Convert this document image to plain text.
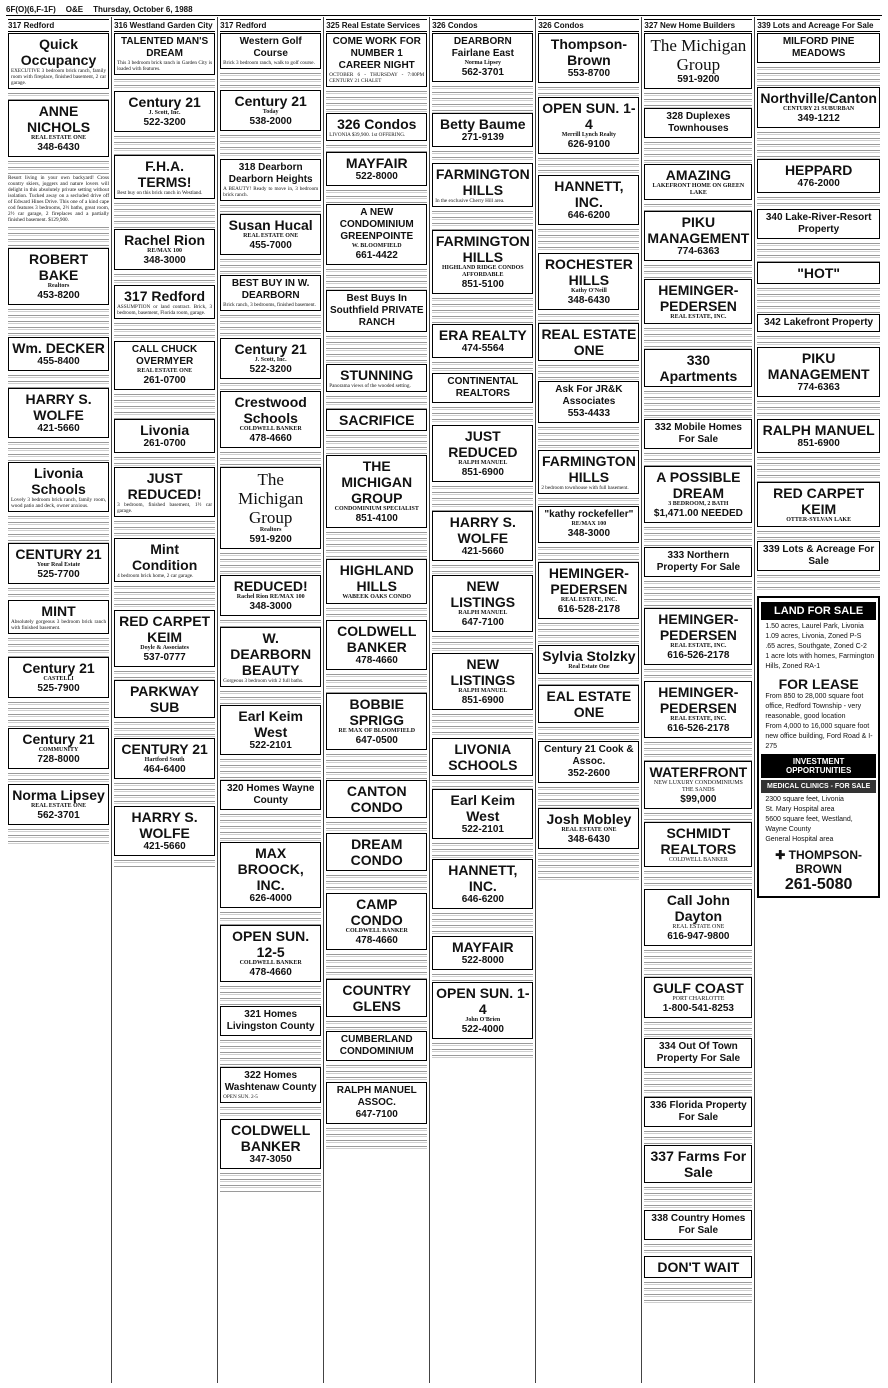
6F(O)(6,F-1F) O&E Thursday, October 6, 1988
317 Redford
Quick Occupancy

EXECUTIVE 3 bedroom brick ranch, family room with fireplace, finished basement, 2 car garage.

ANNE NICHOLS
REAL ESTATE ONE
348-6430

Resort living in your own backyard! Cross country skiers, joggers and nature lovers will delight in this absolutely private setting without isolation. Tucked away on a secluded drive off of Edward Hines Drive. This one of a kind cape cod features 3 bedrooms, 2½ baths, great room, 2½ car garage, 2 fireplaces and a partially finished basement. $129,900.

ROBERT BAKE
Realtors
453-8200
Wm. DECKER
455-8400
HARRY S. WOLFE
421-5660
Livonia Schools

Lovely 3 bedroom brick ranch, family room, wood patio and deck, owner anxious.

CENTURY 21
Your Real Estate
525-7700
MINT

Absolutely gorgeous 3 bedroom brick ranch with finished basement.

Century 21
CASTELLI
525-7900
Century 21
COMMUNITY
728-8000
Norma Lipsey
REAL ESTATE ONE
562-3701
316 Westland Garden City
TALENTED MAN'S DREAM

This 3 bedroom brick ranch in Garden City is loaded with features.

Century 21
J. Scott, Inc.
522-3200
F.H.A. TERMS!

Best buy on this brick ranch in Westland.

Rachel Rion
RE/MAX 100
348-3000
317 Redford

ASSUMPTION or land contract. Brick, 3 bedroom, basement, Florida room, garage.

CALL CHUCK OVERMYER
REAL ESTATE ONE
261-0700
Livonia
261-0700
JUST REDUCED!

3 bedroom, finished basement, 1½ car garage.

Mint Condition

4 bedroom brick home, 2 car garage.

RED CARPET KEIM
Doyle & Associates
537-0777
PARKWAY SUB
CENTURY 21
Hartford South
464-6400
HARRY S. WOLFE
421-5660
317 Redford
Western Golf Course

Brick 3 bedroom ranch, walk to golf course.

Century 21
Today
538-2000
318 Dearborn Dearborn Heights

A BEAUTY! Ready to move in, 3 bedroom brick ranch.

Susan Hucal
REAL ESTATE ONE
455-7000
BEST BUY IN W. DEARBORN

Brick ranch, 3 bedrooms, finished basement.

Century 21
J. Scott, Inc.
522-3200
Crestwood Schools
COLDWELL BANKER
478-4660
The Michigan Group
Realtors
591-9200
REDUCED!
Rachel Rion RE/MAX 100
348-3000
W. DEARBORN BEAUTY

Gorgeous 3 bedroom with 2 full baths.

Earl Keim West
522-2101
320 Homes Wayne County
MAX BROOCK, INC.
626-4000
OPEN SUN. 12-5
COLDWELL BANKER
478-4660
321 Homes Livingston County
322 Homes Washtenaw County

OPEN SUN. 2-5

COLDWELL BANKER
347-3050
325 Real Estate Services
COME WORK FOR NUMBER 1 CAREER NIGHT

OCTOBER 6 - THURSDAY - 7:00PM CENTURY 21 CHALET

326 Condos

LIVONIA $39,900. 1st OFFERING.

MAYFAIR
522-8000
A NEW CONDOMINIUM GREENPOINTE
W. BLOOMFIELD
661-4422
Best Buys In Southfield PRIVATE RANCH
STUNNING

Panorama views of the wooded setting.

SACRIFICE
THE MICHIGAN GROUP
CONDOMINIUM SPECIALIST
851-4100
HIGHLAND HILLS
WABEEK OAKS CONDO
COLDWELL BANKER
478-4660
BOBBIE SPRIGG
RE MAX OF BLOOMFIELD
647-0500
CANTON CONDO
DREAM CONDO
CAMP CONDO
COLDWELL BANKER
478-4660
COUNTRY GLENS
CUMBERLAND CONDOMINIUM
RALPH MANUEL ASSOC.
647-7100
326 Condos
DEARBORN Fairlane East
Norma Lipsey
562-3701
Betty Baume
271-9139
FARMINGTON HILLS

In the exclusive Cherry Hill area.

FARMINGTON HILLS
HIGHLAND RIDGE CONDOS AFFORDABLE
851-5100
ERA REALTY
474-5564
CONTINENTAL REALTORS
JUST REDUCED
RALPH MANUEL
851-6900
HARRY S. WOLFE
421-5660
NEW LISTINGS
RALPH MANUEL
647-7100
NEW LISTINGS
RALPH MANUEL
851-6900
LIVONIA SCHOOLS
Earl Keim West
522-2101
HANNETT, INC.
646-6200
MAYFAIR
522-8000
OPEN SUN. 1-4
John O'Brien
522-4000
326 Condos
Thompson-Brown
553-8700
OPEN SUN. 1-4
Merrill Lynch Realty
626-9100
HANNETT, INC.
646-6200
ROCHESTER HILLS
Kathy O'Neill
348-6430
REAL ESTATE ONE
Ask For JR&K Associates
553-4433
FARMINGTON HILLS

2 bedroom townhouse with full basement.

"kathy rockefeller"
RE/MAX 100
348-3000
HEMINGER-PEDERSEN
REAL ESTATE, INC.
616-528-2178
Sylvia Stolzky
Real Estate One
EAL ESTATE ONE
Century 21 Cook & Assoc.
352-2600
Josh Mobley
REAL ESTATE ONE
348-6430
327 New Home Builders
The Michigan Group
591-9200
328 Duplexes Townhouses
AMAZING
LAKEFRONT HOME ON GREEN LAKE
PIKU MANAGEMENT
774-6363
HEMINGER-PEDERSEN
REAL ESTATE, INC.
330 Apartments
332 Mobile Homes For Sale
A POSSIBLE DREAM
3 BEDROOM, 2 BATH
$1,471.00 NEEDED
333 Northern Property For Sale
HEMINGER-PEDERSEN
REAL ESTATE, INC.
616-526-2178
HEMINGER-PEDERSEN
REAL ESTATE, INC.
616-526-2178
WATERFRONT
NEW LUXURY CONDOMINIUMS THE SANDS
$99,000
SCHMIDT REALTORS
COLDWELL BANKER
Call John Dayton
REAL ESTATE ONE
616-947-9800
GULF COAST
PORT CHARLOTTE
1-800-541-8253
334 Out Of Town Property For Sale
336 Florida Property For Sale
337 Farms For Sale
338 Country Homes For Sale
DON'T WAIT
339 Lots and Acreage For Sale
MILFORD PINE MEADOWS
Northville/Canton
CENTURY 21 SUBURBAN
349-1212
HEPPARD
476-2000
340 Lake-River-Resort Property
"HOT"
342 Lakefront Property
PIKU MANAGEMENT
774-6363
RALPH MANUEL
851-6900
RED CARPET KEIM
OTTER-SYLVAN LAKE
339 Lots & Acreage For Sale
LAND FOR SALE
1.50 acres, Laurel Park, Livonia
1.09 acres, Livonia, Zoned P-S
.65 acres, Southgate, Zoned C-2
1 acre lots with homes, Farmington Hills, Zoned RA-1
FOR LEASE
From 850 to 28,000 square foot office, Redford Township - very reasonable, good location
From 4,000 to 16,000 square foot new office building, Ford Road & I-275
INVESTMENT OPPORTUNITIES
MEDICAL CLINICS - FOR SALE
2300 square feet, Livonia
St. Mary Hospital area
5600 square feet, Westland, Wayne County
General Hospital area
✚ THOMPSON-BROWN
261-5080
